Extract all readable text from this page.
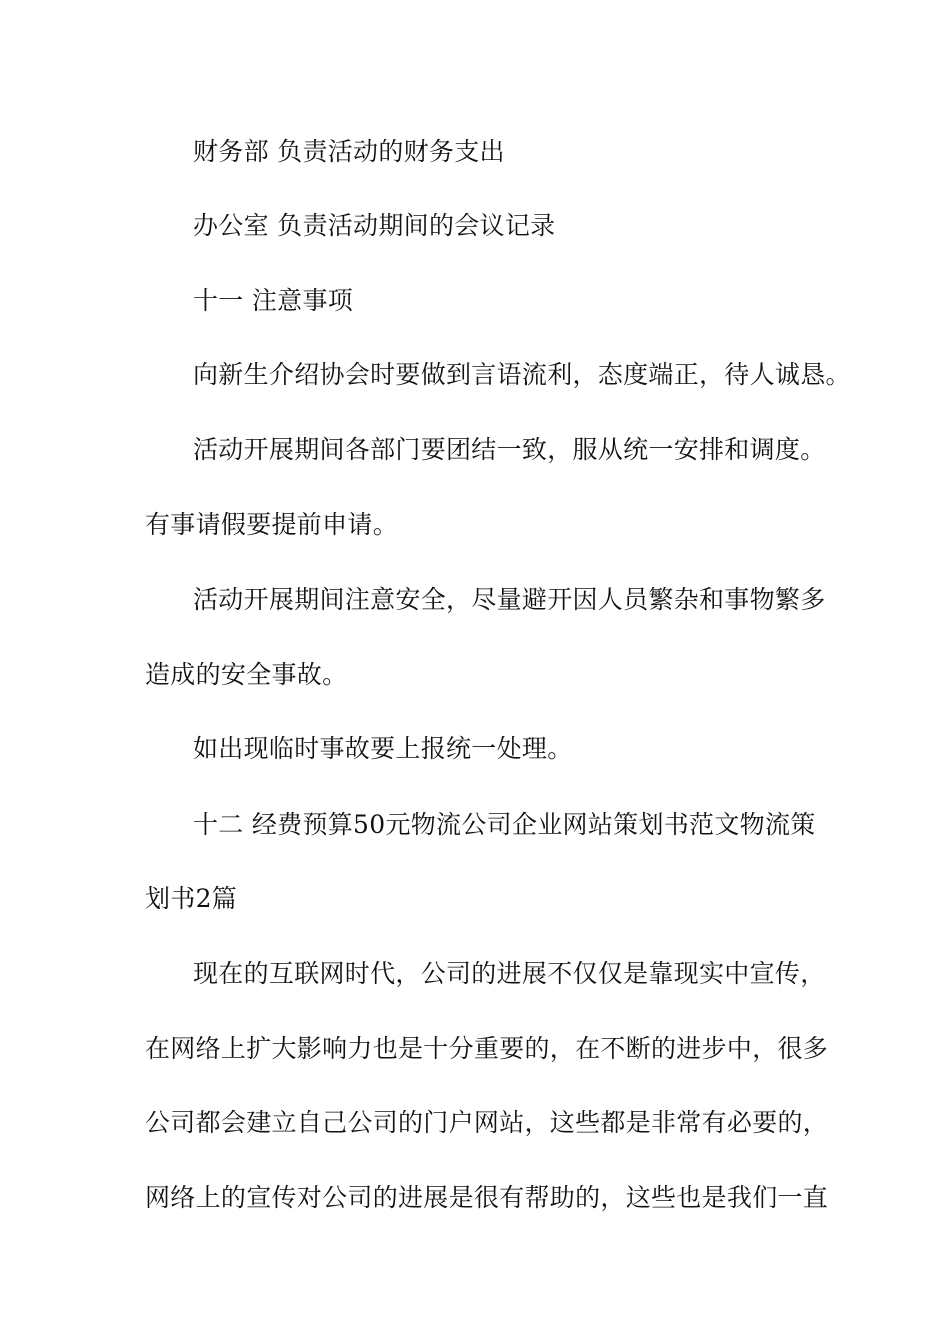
财务部 负责活动的财务支出
办公室 负责活动期间的会议记录
十一 注意事项
向新生介绍协会时要做到言语流利，态度端正，待人诚恳。
活动开展期间各部门要团结一致，服从统一安排和调度。
有事请假要提前申请。
活动开展期间注意安全，尽量避开因人员繁杂和事物繁多
造成的安全事故。
如出现临时事故要上报统一处理。
十二 经费预算50元物流公司企业网站策划书范文物流策
划书2篇
现在的互联网时代，公司的进展不仅仅是靠现实中宣传，
在网络上扩大影响力也是十分重要的，在不断的进步中，很多
公司都会建立自己公司的门户网站，这些都是非常有必要的，
网络上的宣传对公司的进展是很有帮助的，这些也是我们一直
